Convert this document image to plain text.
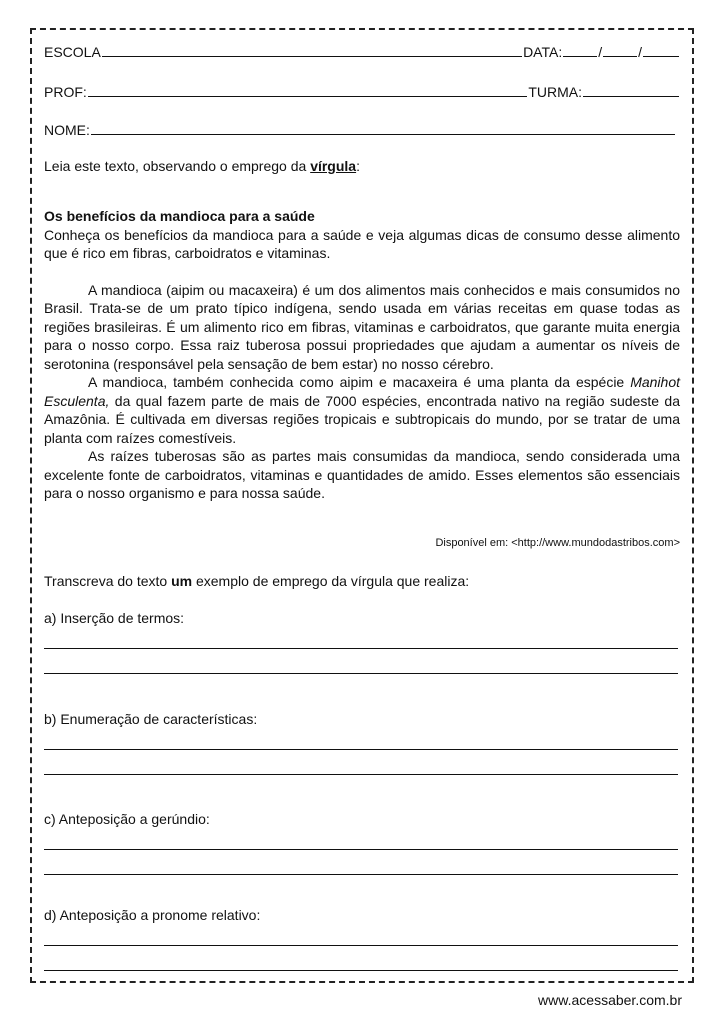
ESCOLA	DATA:	/	/
PROF:	TURMA:
NOME:
Leia este texto, observando o emprego da vírgula:

Os benefícios da mandioca para a saúde

Conheça os benefícios da mandioca para a saúde e veja algumas dicas de consumo desse alimento que é rico em fibras, carboidratos e vitaminas.

A mandioca (aipim ou macaxeira) é um dos alimentos mais conhecidos e mais consumidos no Brasil. Trata-se de um prato típico indígena, sendo usada em várias receitas em quase todas as regiões brasileiras. É um alimento rico em fibras, vitaminas e carboidratos, que garante muita energia para o nosso corpo. Essa raiz tuberosa possui propriedades que ajudam a aumentar os níveis de serotonina (responsável pela sensação de bem estar) no nosso cérebro.

A mandioca, também conhecida como aipim e macaxeira é uma planta da espécie Manihot Esculenta, da qual fazem parte de mais de 7000 espécies, encontrada nativo na região sudeste da Amazônia. É cultivada em diversas regiões tropicais e subtropicais do mundo, por se tratar de uma planta com raízes comestíveis.

As raízes tuberosas são as partes mais consumidas da mandioca, sendo considerada uma excelente fonte de carboidratos, vitaminas e quantidades de amido. Esses elementos são essenciais para o nosso organismo e para nossa saúde.

Disponível em: <http://www.mundodastribos.com>
Transcreva do texto um exemplo de emprego da vírgula que realiza:
a) Inserção de termos:
b) Enumeração de características:
c) Anteposição a gerúndio:
d) Anteposição a pronome relativo:
www.acessaber.com.br
